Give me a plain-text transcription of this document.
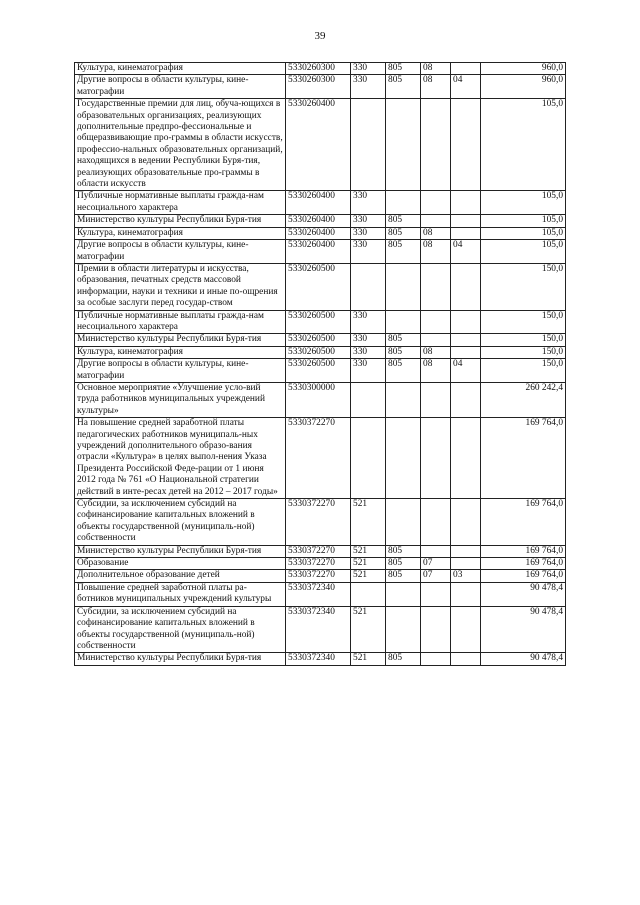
39
Культура, кинематография	5330260300	330	805	08		960,0
Другие вопросы в области культуры, кине-матографии	5330260300	330	805	08	04	960,0
Государственные премии для лиц, обуча-ющихся в образовательных организациях, реализующих дополнительные предпро-фессиональные и общеразвивающие про-граммы в области искусств, профессио-нальных образовательных организаций, находящихся в ведении Республики Буря-тия, реализующих образовательные про-граммы в области искусств	5330260400					105,0
Публичные нормативные выплаты гражда-нам несоциального характера	5330260400	330				105,0
Министерство культуры Республики Буря-тия	5330260400	330	805			105,0
Культура, кинематография	5330260400	330	805	08		105,0
Другие вопросы в области культуры, кине-матографии	5330260400	330	805	08	04	105,0
Премии в области литературы и искусства, образования, печатных средств массовой информации, науки и техники и иные по-ощрения за особые заслуги перед государ-ством	5330260500					150,0
Публичные нормативные выплаты гражда-нам несоциального характера	5330260500	330				150,0
Министерство культуры Республики Буря-тия	5330260500	330	805			150,0
Культура, кинематография	5330260500	330	805	08		150,0
Другие вопросы в области культуры, кине-матографии	5330260500	330	805	08	04	150,0
Основное мероприятие «Улучшение усло-вий труда работников муниципальных учреждений культуры»	5330300000					260 242,4
На повышение средней заработной платы педагогических работников муниципаль-ных учреждений дополнительного образо-вания отрасли «Культура» в целях выпол-нения Указа Президента Российской Феде-рации от 1 июня 2012 года № 761 «О Национальной стратегии действий в инте-ресах детей на 2012 – 2017 годы»	5330372270					169 764,0
Субсидии, за исключением субсидий на софинансирование капитальных вложений в объекты государственной (муниципаль-ной) собственности	5330372270	521				169 764,0
Министерство культуры Республики Буря-тия	5330372270	521	805			169 764,0
Образование	5330372270	521	805	07		169 764,0
Дополнительное образование детей	5330372270	521	805	07	03	169 764,0
Повышение средней заработной платы ра-ботников муниципальных учреждений культуры	5330372340					90 478,4
Субсидии, за исключением субсидий на софинансирование капитальных вложений в объекты государственной (муниципаль-ной) собственности	5330372340	521				90 478,4
Министерство культуры Республики Буря-тия	5330372340	521	805			90 478,4
